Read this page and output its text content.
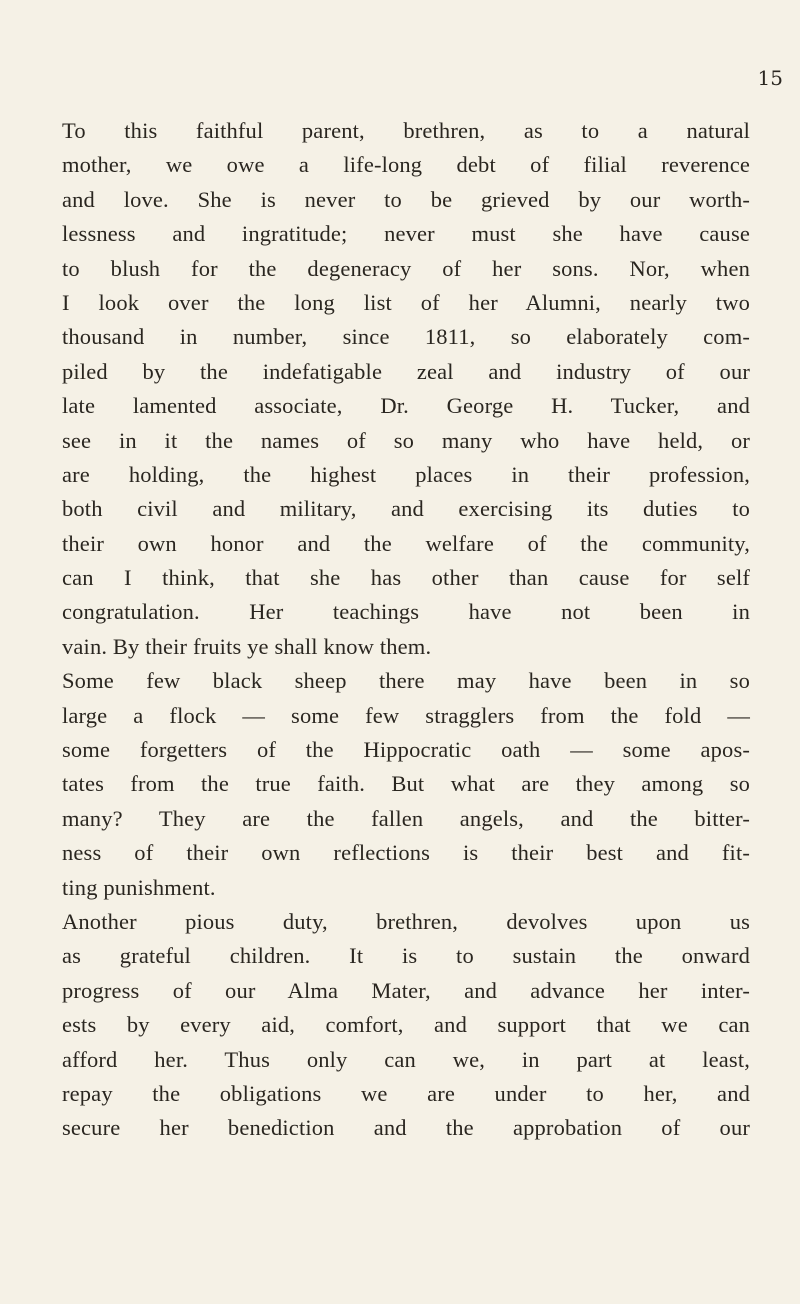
15
To this faithful parent, brethren, as to a natural
mother, we owe a life-long debt of filial reverence
and love. She is never to be grieved by our worth-
lessness and ingratitude; never must she have cause
to blush for the degeneracy of her sons. Nor, when
I look over the long list of her Alumni, nearly two
thousand in number, since 1811, so elaborately com-
piled by the indefatigable zeal and industry of our
late lamented associate, Dr. George H. Tucker, and
see in it the names of so many who have held, or
are holding, the highest places in their profession,
both civil and military, and exercising its duties to
their own honor and the welfare of the community,
can I think, that she has other than cause for self
congratulation. Her teachings have not been in
vain. By their fruits ye shall know them.
Some few black sheep there may have been in so
large a flock — some few stragglers from the fold —
some forgetters of the Hippocratic oath — some apos-
tates from the true faith. But what are they among so
many? They are the fallen angels, and the bitter-
ness of their own reflections is their best and fit-
ting punishment.
Another pious duty, brethren, devolves upon us
as grateful children. It is to sustain the onward
progress of our Alma Mater, and advance her inter-
ests by every aid, comfort, and support that we can
afford her. Thus only can we, in part at least,
repay the obligations we are under to her, and
secure her benediction and the approbation of our
